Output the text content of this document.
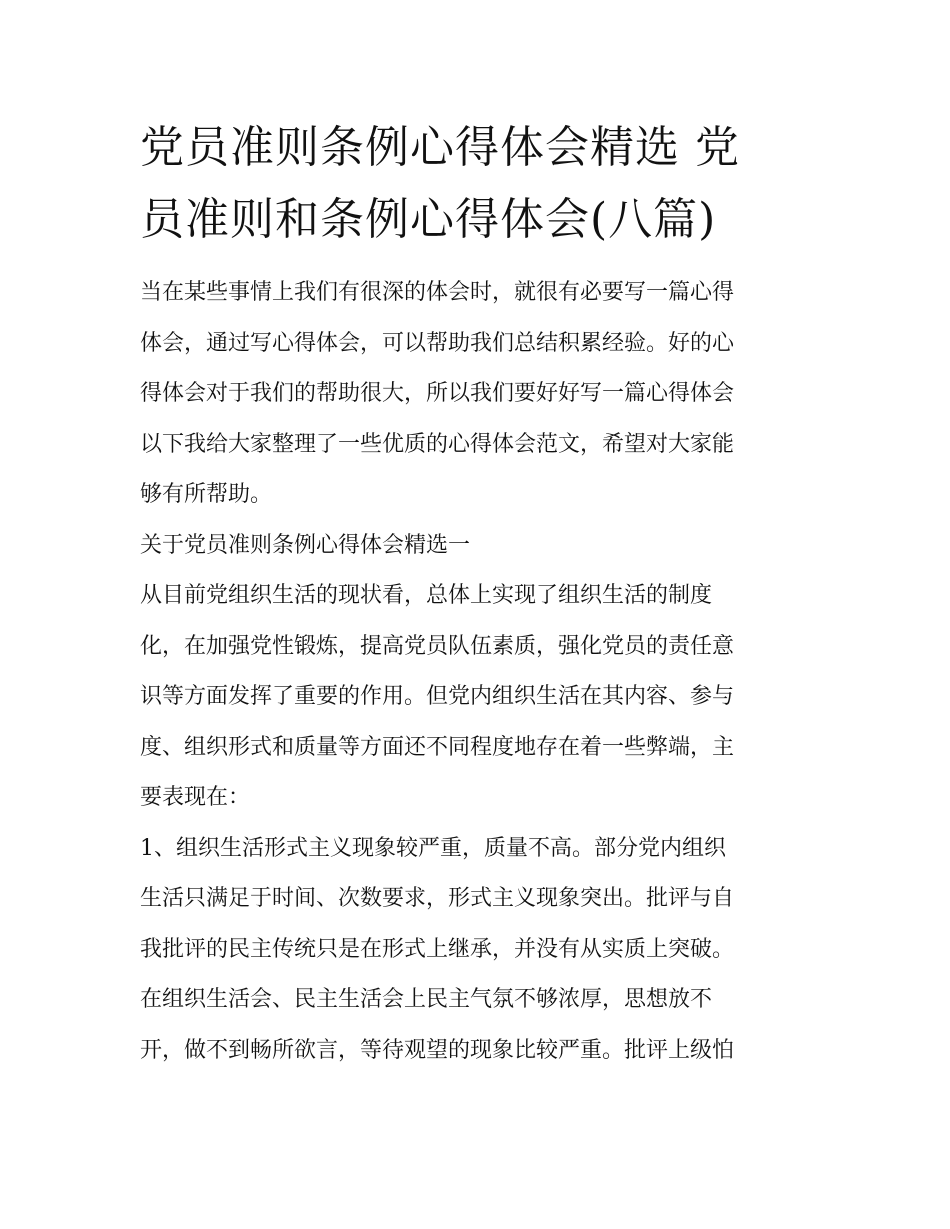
党员准则条例心得体会精选 党
员准则和条例心得体会(八篇)

当在某些事情上我们有很深的体会时，就很有必要写一篇心得
体会，通过写心得体会，可以帮助我们总结积累经验。好的心
得体会对于我们的帮助很大，所以我们要好好写一篇心得体会
以下我给大家整理了一些优质的心得体会范文，希望对大家能
够有所帮助。

关于党员准则条例心得体会精选一

从目前党组织生活的现状看，总体上实现了组织生活的制度
化，在加强党性锻炼，提高党员队伍素质，强化党员的责任意
识等方面发挥了重要的作用。但党内组织生活在其内容、参与
度、组织形式和质量等方面还不同程度地存在着一些弊端，主
要表现在：

1、组织生活形式主义现象较严重，质量不高。部分党内组织
生活只满足于时间、次数要求，形式主义现象突出。批评与自
我批评的民主传统只是在形式上继承，并没有从实质上突破。
在组织生活会、民主生活会上民主气氛不够浓厚，思想放不
开，做不到畅所欲言，等待观望的现象比较严重。批评上级怕
